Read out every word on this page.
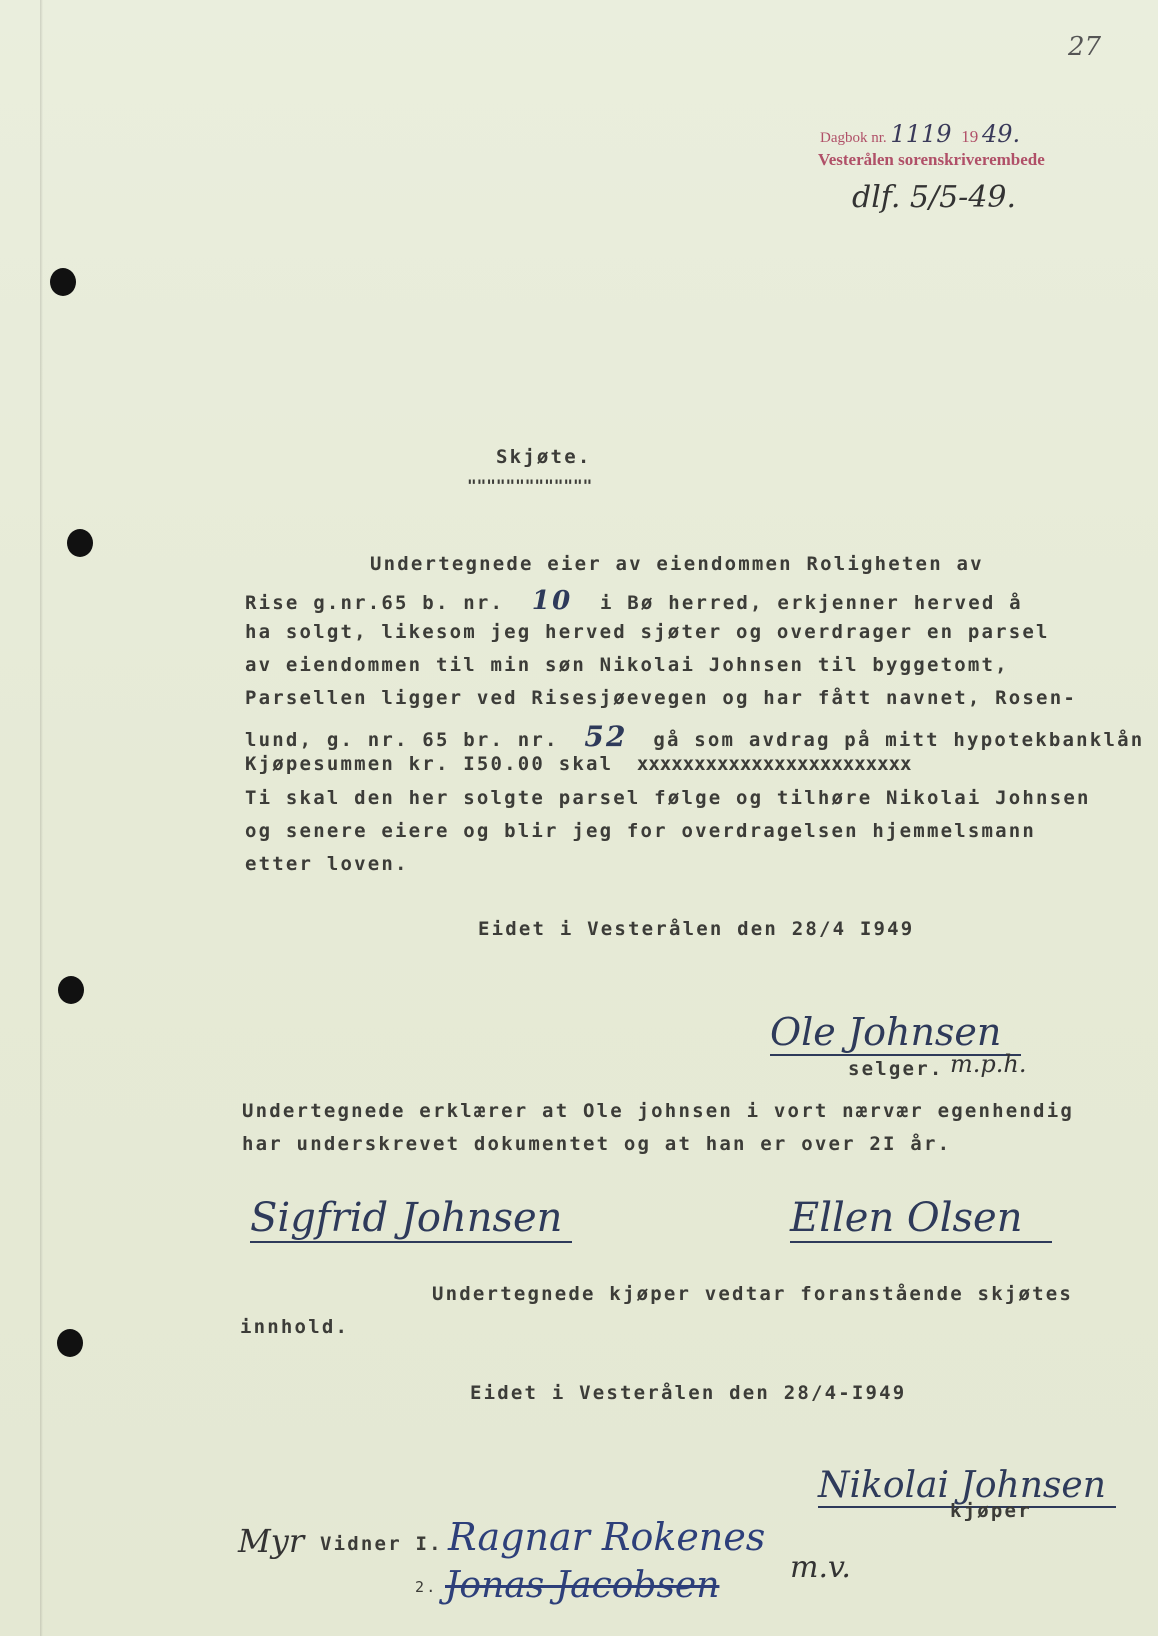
27
Dagbok nr. 1119 19 49.
Vesterålen sorenskriverembede
dlf. 5/5-49.
Skjøte.
"""""""""""""
Undertegnede eier av eiendommen Roligheten av
Rise g.nr.65 b. nr. 10 i Bø herred, erkjenner herved å
ha solgt, likesom jeg herved sjøter og overdrager en parsel
av eiendommen til min søn Nikolai Johnsen til byggetomt,
Parsellen ligger ved Risesjøevegen og har fått navnet, Rosen-
lund, g. nr. 65 br. nr. 52 gå som avdrag på mitt hypotekbanklån
Kjøpesummen kr. I50.00 skal xxxxxxxxxxxxxxxxxxxxxxxx
Ti skal den her solgte parsel følge og tilhøre Nikolai Johnsen
og senere eiere og blir jeg for overdragelsen hjemmelsmann
etter loven.
Eidet i Vesterålen den 28/4 I949
Ole Johnsen
selger. m.p.h.
Undertegnede erklærer at Ole johnsen i vort nærvær egenhendig
har underskrevet dokumentet og at han er over 2I år.
Sigfrid Johnsen	Ellen Olsen
Undertegnede kjøper vedtar foranstående skjøtes
innhold.
Eidet i Vesterålen den 28/4-I949
Nikolai Johnsen
kjøper
Myr Vidner I. Ragnar Rokenes
2. Jonas Jacobsen m.v.
